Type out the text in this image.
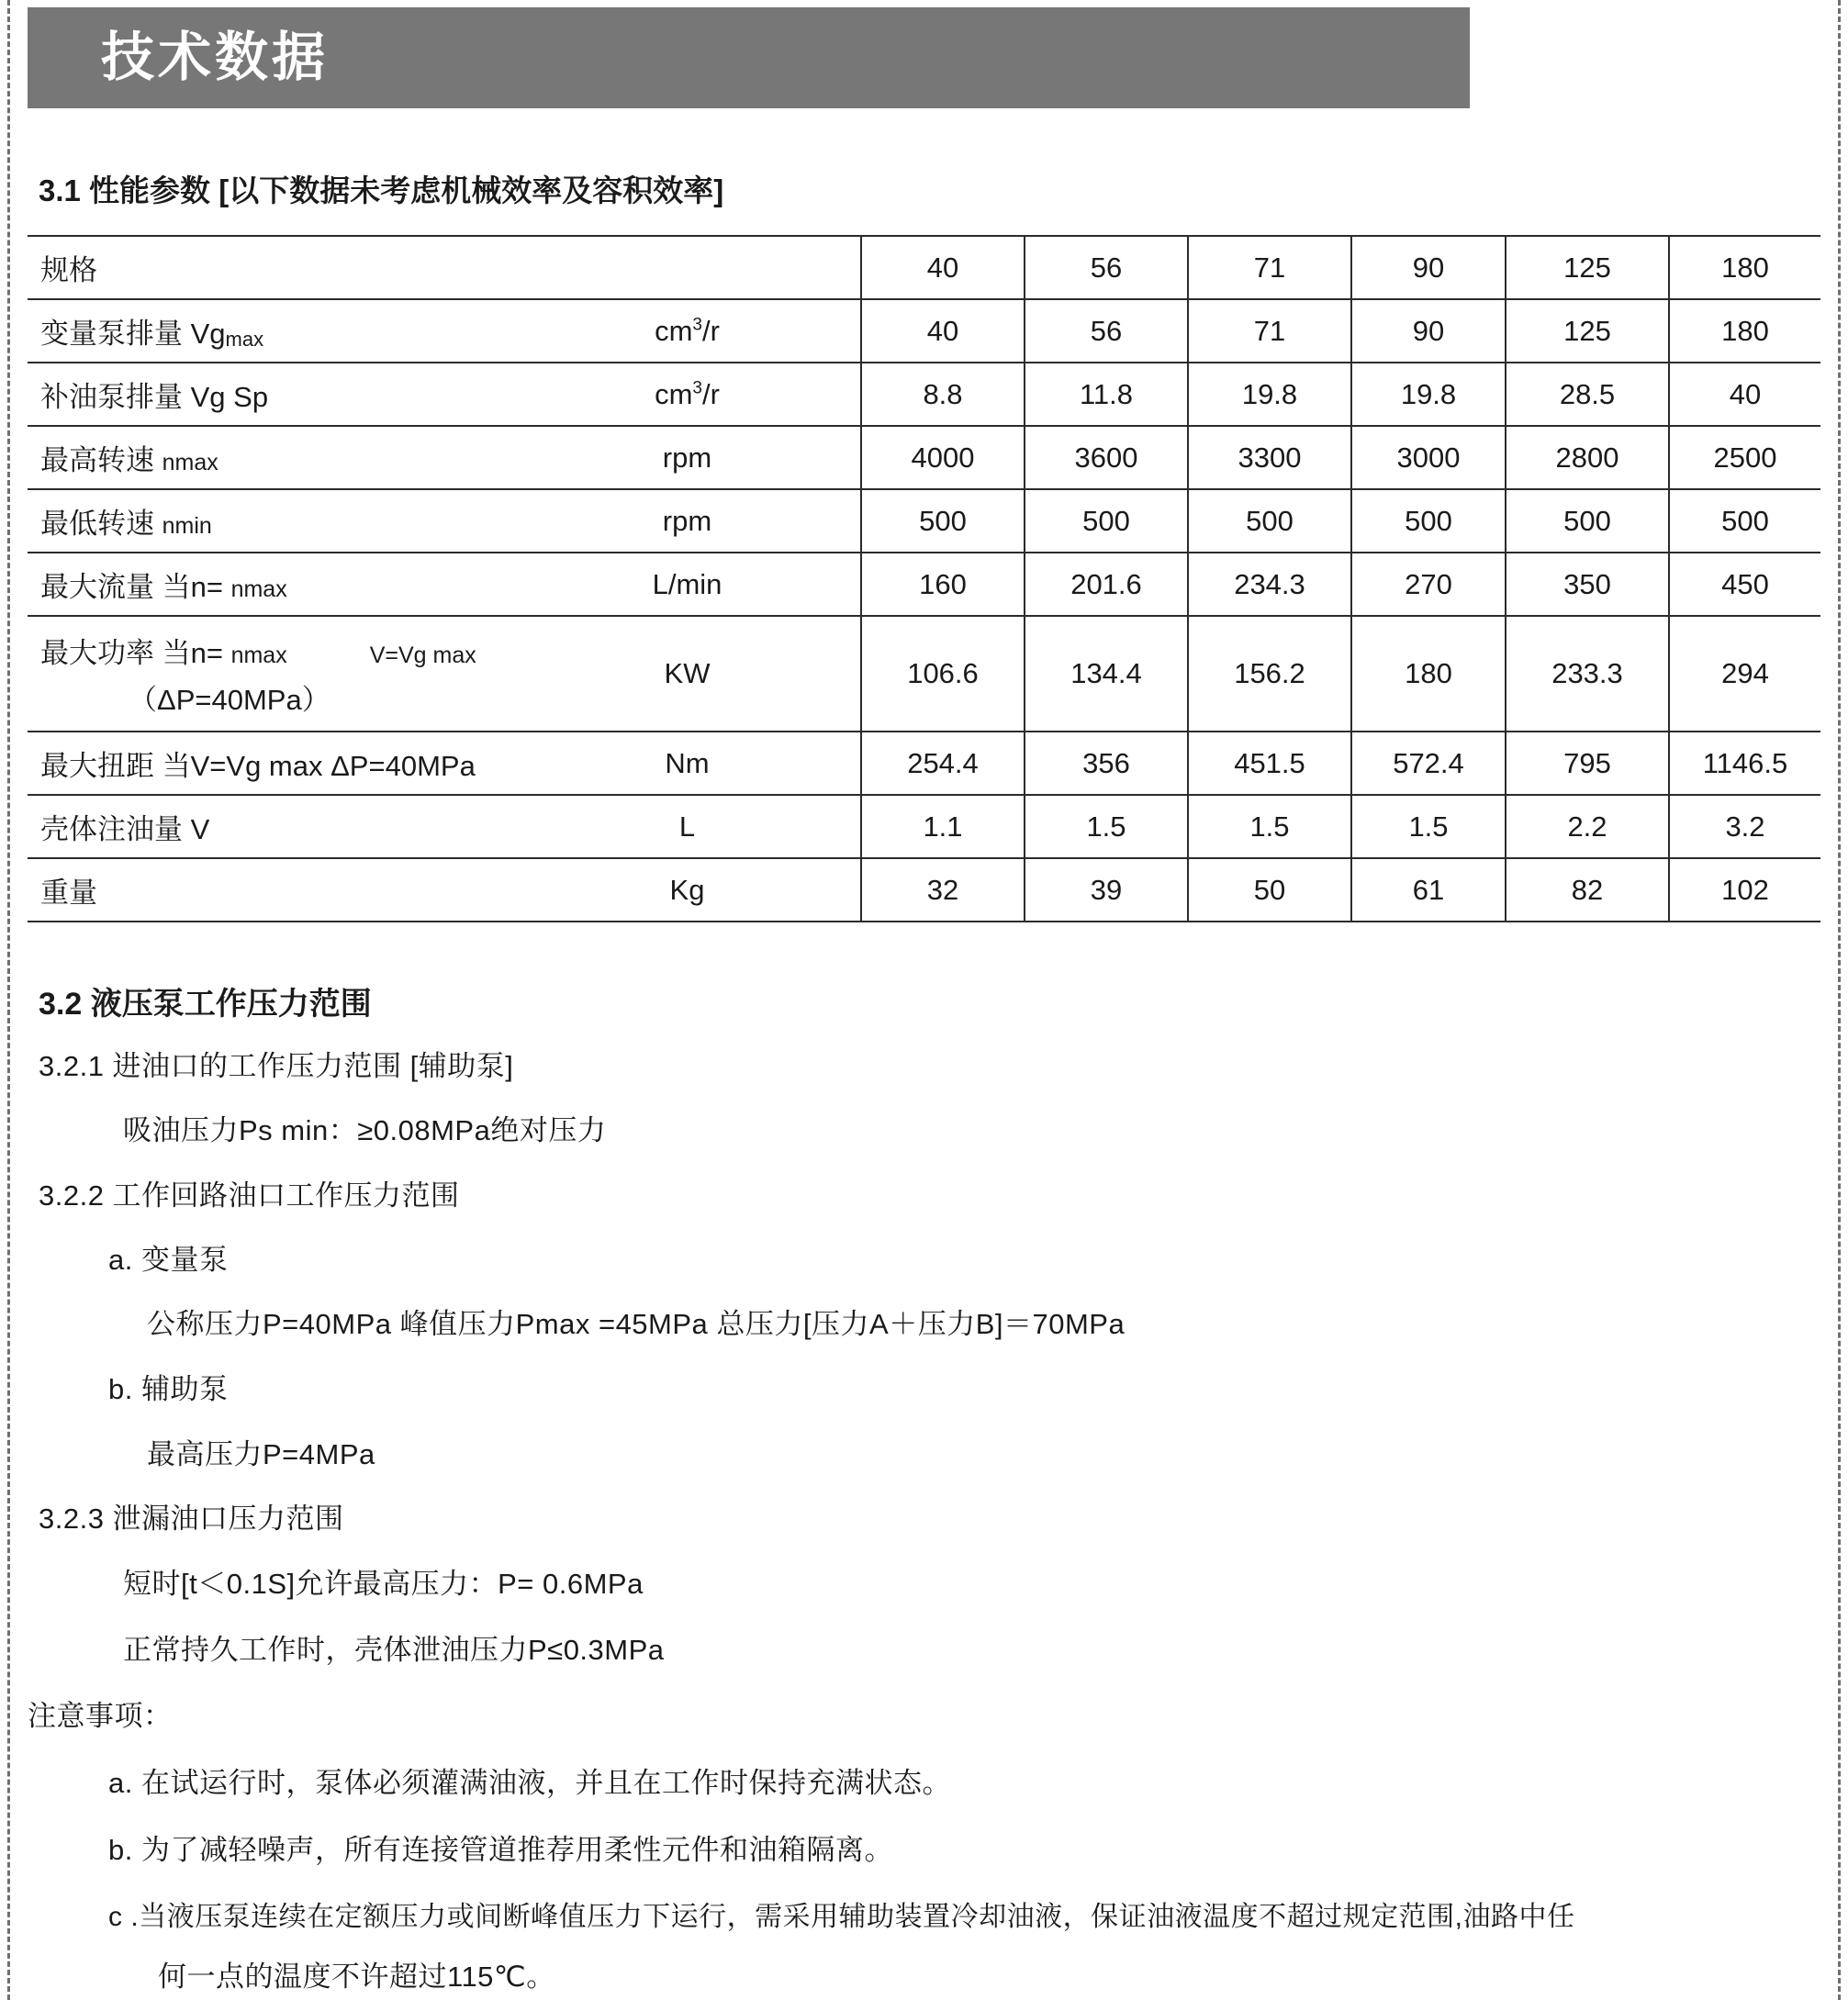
技术数据
3.1 性能参数 [以下数据未考虑机械效率及容积效率]
规格		40	56	71	90	125	180
变量泵排量 Vgmax	$cm^3/r$	40	56	71	90	125	180
补油泵排量 Vg Sp	$cm^3/r$	8.8	11.8	19.8	19.8	28.5	40
最高转速 nmax	rpm	4000	3600	3300	3000	2800	2500
最低转速 nmin	rpm	500	500	500	500	500	500
最大流量 当n= nmax	L/min	160	201.6	234.3	270	350	450

最大功率 当n= nmax V=Vg max
（ΔP=40MPa）	KW	106.6	134.4	156.2	180	233.3	294
最大扭距 当V=Vg max ΔP=40MPa	Nm	254.4	356	451.5	572.4	795	1146.5
壳体注油量 V	L	1.1	1.5	1.5	1.5	2.2	3.2
重量	Kg	32	39	50	61	82	102
3.2 液压泵工作压力范围
3.2.1 进油口的工作压力范围 [辅助泵]
吸油压力Ps min：≥0.08MPa绝对压力
3.2.2 工作回路油口工作压力范围
a. 变量泵
公称压力P=40MPa 峰值压力Pmax =45MPa 总压力[压力A＋压力B]＝70MPa
b. 辅助泵
最高压力P=4MPa
3.2.3 泄漏油口压力范围
短时[t＜0.1S]允许最高压力：P= 0.6MPa
正常持久工作时，壳体泄油压力P≤0.3MPa
注意事项：
a. 在试运行时，泵体必须灌满油液，并且在工作时保持充满状态。
b. 为了减轻噪声，所有连接管道推荐用柔性元件和油箱隔离。
c .当液压泵连续在定额压力或间断峰值压力下运行，需采用辅助装置冷却油液，保证油液温度不超过规定范围,油路中任
何一点的温度不许超过115℃。
